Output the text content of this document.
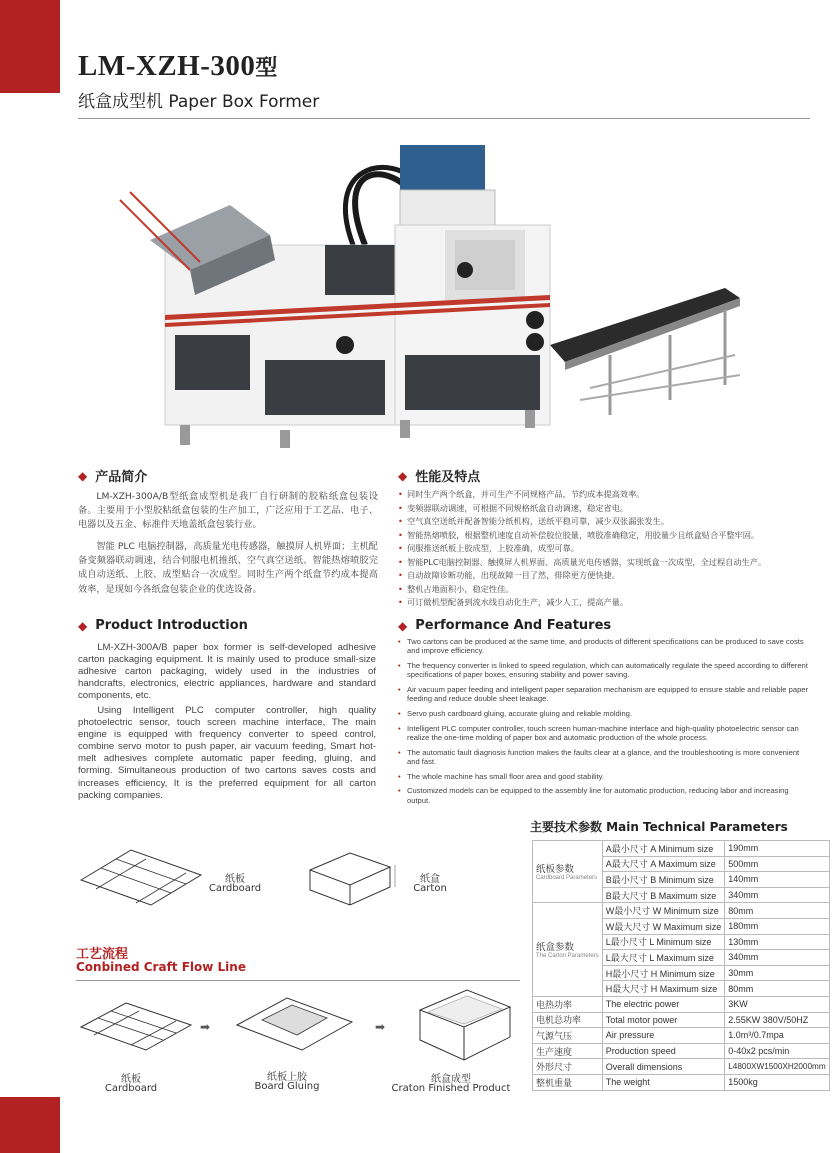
LM-XZH-300型
纸盒成型机 Paper Box Former
◆ 产品简介
LM-XZH-300A/B型纸盒成型机是我厂自行研制的胶粘纸盒包装设备。主要用于小型胶粘纸盒包装的生产加工，广泛应用于工艺品、电子、电器以及五金、标准件天地盖纸盒包装行业。
智能 PLC 电脑控制器，高质量光电传感器，触摸屏人机界面；主机配备变频器联动调速，结合伺服电机推纸、空气真空送纸、智能热熔喷胶完成自动送纸、上胶、成型贴合一次成型。同时生产两个纸盒节约成本提高效率，是现如今各纸盒包装企业的优选设备。
◆ Product Introduction
LM-XZH-300A/B paper box former is self-developed adhesive carton packaging equipment. It is mainly used to produce small-size adhesive carton packaging, widely used in the industries of handcrafts, electronics, electric appliances, hardware and standard components, etc.
Using Intelligent PLC computer controller, high quality photoelectric sensor, touch screen machine interface, The main engine is equipped with frequency converter to speed control, combine servo motor to push paper, air vacuum feeding, Smart hot-melt adhesives complete automatic paper feeding, gluing, and forming. Simultaneous production of two cartons saves costs and increases efficiency, It is the preferred equipment for all carton packing companies.
◆ 性能及特点
• 同时生产两个纸盒，并可生产不同规格产品，节约成本提高效率。
• 变频器联动调速，可根据不同规格纸盒自动调速，稳定省电。
• 空气真空送纸并配备智能分纸机构，送纸平稳可靠，减少双张漏张发生。
• 智能热熔喷胶，根据整机速度自动补偿胶位胶量，喷胶准确稳定，用胶量少且纸盒贴合平整牢固。
• 伺服推送纸板上胶成型，上胶准确，成型可靠。
• 智能PLC电脑控制器、触摸屏人机界面、高质量光电传感器，实现纸盒一次成型，全过程自动生产。
• 自动故障诊断功能，出现故障一目了然，排除更方便快捷。
• 整机占地面积小，稳定性佳。
• 可订做机型配备到流水线自动化生产，减少人工，提高产量。
◆ Performance And Features
• Two cartons can be produced at the same time, and products of different specifications can be produced to save costs and improve efficiency.
• The frequency converter is linked to speed regulation, which can automatically regulate the speed according to different specifications of paper boxes, ensuring stability and power saving.
• Air vacuum paper feeding and intelligent paper separation mechanism are equipped to ensure stable and reliable paper feeding and reduce double sheet leakage.
• Servo push cardboard gluing, accurate gluing and reliable molding.
• Intelligent PLC computer controller, touch screen human-machine interface and high-quality photoelectric sensor can realize the one-time molding of paper box and automatic production of the whole process.
• The automatic fault diagnosis function makes the faults clear at a glance, and the troubleshooting is more convenient and fast.
• The whole machine has small floor area and good stability.
• Customized models can be equipped to the assembly line for automatic production, reducing labor and increasing output.
纸板
Cardboard
纸盒
Carton
工艺流程
Conbined Craft Flow Line
➡	➡
纸板
Cardboard
纸板上胶
Board Gluing
纸盒成型
Craton Finished Product
主要技术参数 Main Technical Parameters
纸板参数
Cardboard Parameters	A最小尺寸 A Minimum size	190mm
	A最大尺寸 A Maximum size	500mm
	B最小尺寸 B Minimum size	140mm
	B最大尺寸 B Maximum size	340mm

纸盒参数
The Carton Parameters	W最小尺寸 W Minimum size	80mm
	W最大尺寸 W Maximum size	180mm
	L最小尺寸 L Minimum size	130mm
	L最大尺寸 L Maximum size	340mm
	H最小尺寸 H Minimum size	30mm
	H最大尺寸 H Maximum size	80mm
电热功率	The electric power	3KW
电机总功率	Total motor power	2.55KW 380V/50HZ
气源气压	Air pressure	1.0m³/0.7mpa
生产速度	Production speed	0-40x2 pcs/min
外形尺寸	Overall dimensions	L4800XW1500XH2000mm
整机重量	The weight	1500kg
